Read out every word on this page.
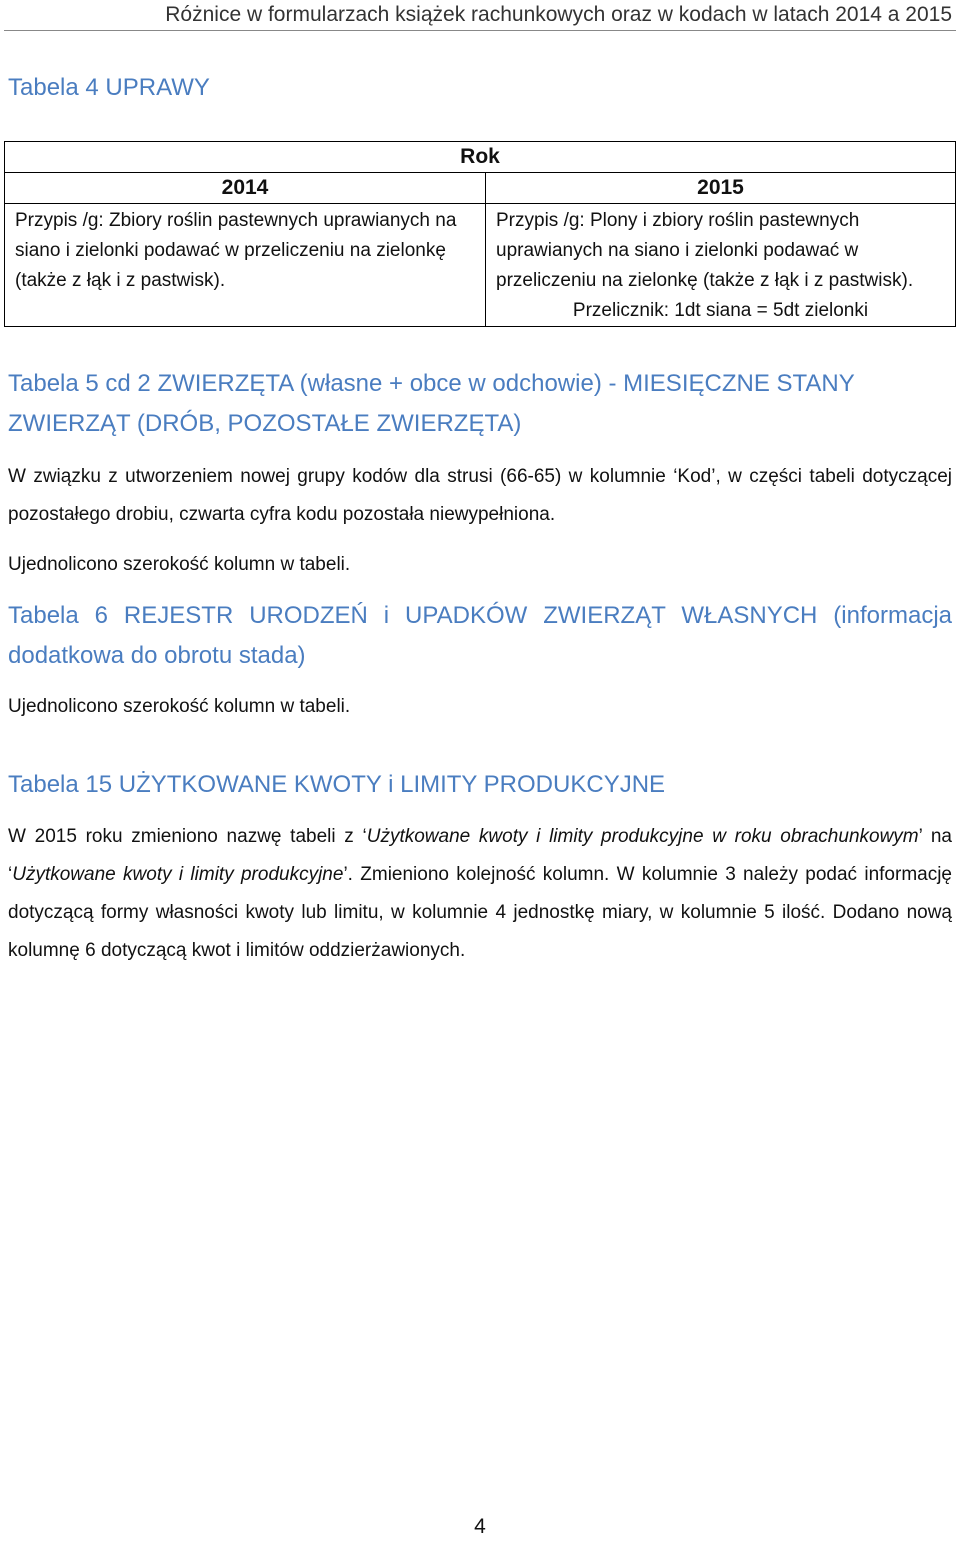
Różnice w formularzach książek rachunkowych oraz w kodach w latach 2014 a 2015
Tabela 4 UPRAWY
Rok	
2014	2015

Przypis /g: Zbiory roślin pastewnych uprawianych na siano i zielonki podawać w przeliczeniu na zielonkę (także z łąk i z pastwisk).	Przypis /g: Plony i zbiory roślin pastewnych uprawianych na siano i zielonki podawać w przeliczeniu na zielonkę (także z łąk i z pastwisk).
Przelicznik: 1dt siana = 5dt zielonki
Tabela 5 cd 2 ZWIERZĘTA (własne + obce w odchowie) - MIESIĘCZNE STANY ZWIERZĄT (DRÓB, POZOSTAŁE ZWIERZĘTA)
W związku z utworzeniem nowej grupy kodów dla strusi (66-65) w kolumnie ‘Kod’, w części tabeli dotyczącej pozostałego drobiu, czwarta cyfra kodu pozostała niewypełniona.
Ujednolicono szerokość kolumn w tabeli.
Tabela 6 REJESTR URODZEŃ i UPADKÓW ZWIERZĄT WŁASNYCH (informacja dodatkowa do obrotu stada)
Ujednolicono szerokość kolumn w tabeli.
Tabela 15 UŻYTKOWANE KWOTY i LIMITY PRODUKCYJNE
W 2015 roku zmieniono nazwę tabeli z ‘Użytkowane kwoty i limity produkcyjne w roku obrachunkowym’ na ‘Użytkowane kwoty i limity produkcyjne’. Zmieniono kolejność kolumn. W kolumnie 3 należy podać informację dotyczącą formy własności kwoty lub limitu, w kolumnie 4 jednostkę miary, w kolumnie 5 ilość. Dodano nową kolumnę 6 dotyczącą kwot i limitów oddzierżawionych.
4
